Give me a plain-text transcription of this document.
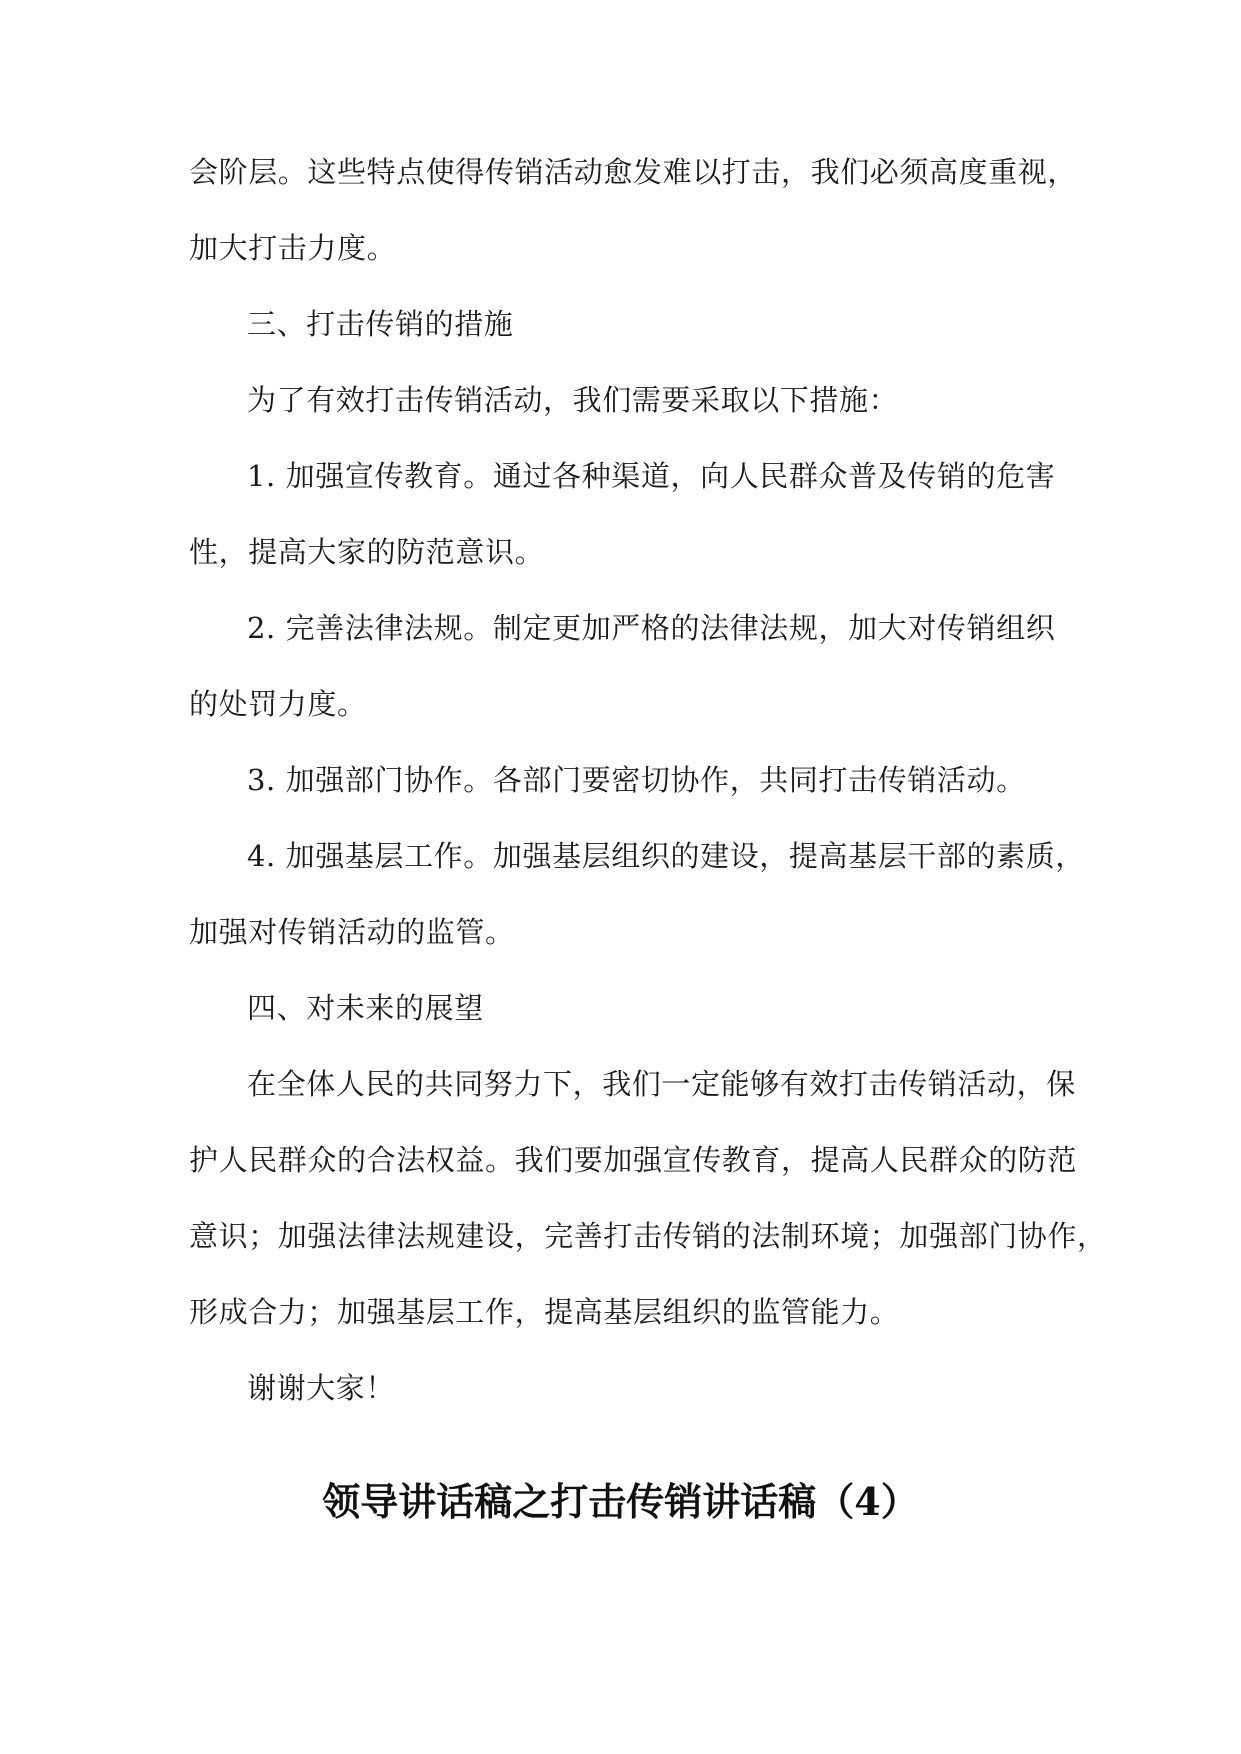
会阶层。这些特点使得传销活动愈发难以打击，我们必须高度重视，
加大打击力度。
三、打击传销的措施
为了有效打击传销活动，我们需要采取以下措施：
1. 加强宣传教育。通过各种渠道，向人民群众普及传销的危害
性，提高大家的防范意识。
2. 完善法律法规。制定更加严格的法律法规，加大对传销组织
的处罚力度。
3. 加强部门协作。各部门要密切协作，共同打击传销活动。
4. 加强基层工作。加强基层组织的建设，提高基层干部的素质，
加强对传销活动的监管。
四、对未来的展望
在全体人民的共同努力下，我们一定能够有效打击传销活动，保
护人民群众的合法权益。我们要加强宣传教育，提高人民群众的防范
意识；加强法律法规建设，完善打击传销的法制环境；加强部门协作，
形成合力；加强基层工作，提高基层组织的监管能力。
谢谢大家！
领导讲话稿之打击传销讲话稿（4）
